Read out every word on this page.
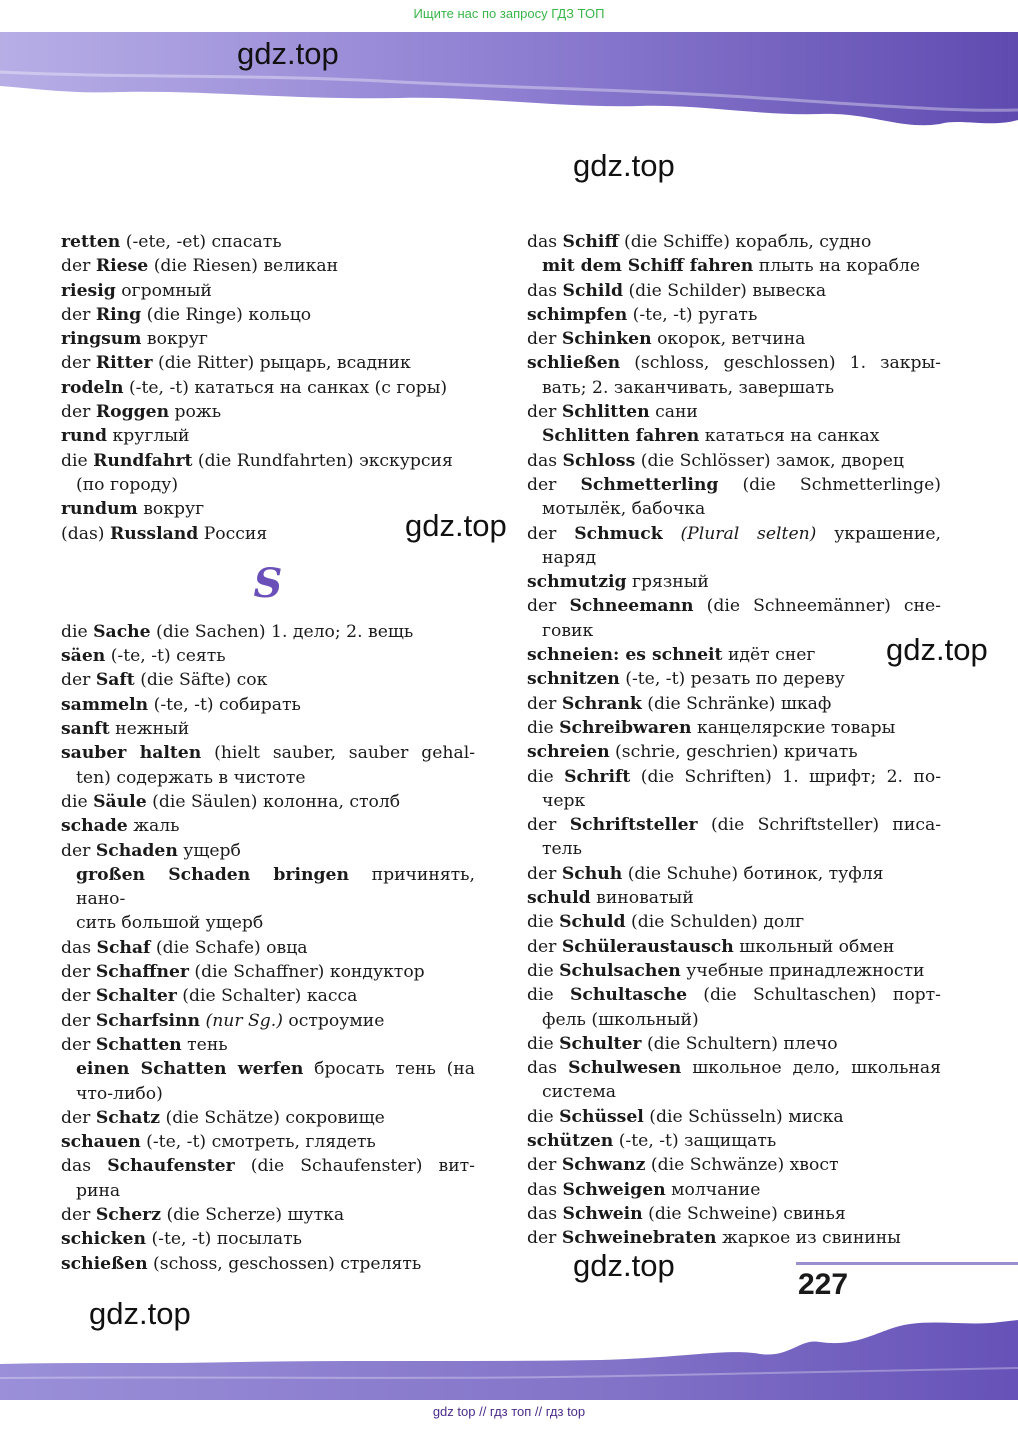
Ищите нас по запросу ГДЗ ТОП
gdz.top
gdz.top
gdz.top
gdz.top
gdz.top
gdz.top

retten (-ete, -et) спасать

der Riese (die Riesen) великан

riesig огромный

der Ring (die Ringe) кольцо

ringsum вокруг

der Ritter (die Ritter) рыцарь, всадник

rodeln (-te, -t) кататься на санках (с горы)

der Roggen рожь

rund круглый

die Rundfahrt (die Rundfahrten) экскурсия

(по городу)

rundum вокруг

(das) Russland Россия

S

die Sache (die Sachen) 1. дело; 2. вещь

säen (-te, -t) сеять

der Saft (die Säfte) сок

sammeln (-te, -t) собирать

sanft нежный

sauber halten (hielt sauber, sauber gehal-

ten) содержать в чистоте

die Säule (die Säulen) колонна, столб

schade жаль

der Schaden ущерб

großen Schaden bringen причинять, нано-

сить большой ущерб

das Schaf (die Schafe) овца

der Schaffner (die Schaffner) кондуктор

der Schalter (die Schalter) касса

der Scharfsinn (nur Sg.) остроумие

der Schatten тень

einen Schatten werfen бросать тень (на

что-либо)

der Schatz (die Schätze) сокровище

schauen (-te, -t) смотреть, глядеть

das Schaufenster (die Schaufenster) вит-

рина

der Scherz (die Scherze) шутка

schicken (-te, -t) посылать

schießen (schoss, geschossen) стрелять

das Schiff (die Schiffe) корабль, судно

mit dem Schiff fahren плыть на корабле

das Schild (die Schilder) вывеска

schimpfen (-te, -t) ругать

der Schinken окорок, ветчина

schließen (schloss, geschlossen) 1. закры-

вать; 2. заканчивать, завершать

der Schlitten сани

Schlitten fahren кататься на санках

das Schloss (die Schlösser) замок, дворец

der Schmetterling (die Schmetterlinge)

мотылёк, бабочка

der Schmuck (Plural selten) украшение,

наряд

schmutzig грязный

der Schneemann (die Schneemänner) сне-

говик

schneien: es schneit идёт снег

schnitzen (-te, -t) резать по дереву

der Schrank (die Schränke) шкаф

die Schreibwaren канцелярские товары

schreien (schrie, geschrien) кричать

die Schrift (die Schriften) 1. шрифт; 2. по-

черк

der Schriftsteller (die Schriftsteller) писа-

тель

der Schuh (die Schuhe) ботинок, туфля

schuld виноватый

die Schuld (die Schulden) долг

der Schüleraustausch школьный обмен

die Schulsachen учебные принадлежности

die Schultasche (die Schultaschen) порт-

фель (школьный)

die Schulter (die Schultern) плечо

das Schulwesen школьное дело, школьная

система

die Schüssel (die Schüsseln) миска

schützen (-te, -t) защищать

der Schwanz (die Schwänze) хвост

das Schweigen молчание

das Schwein (die Schweine) свинья

der Schweinebraten жаркое из свинины

227
gdz top // гдз топ // гдз top
